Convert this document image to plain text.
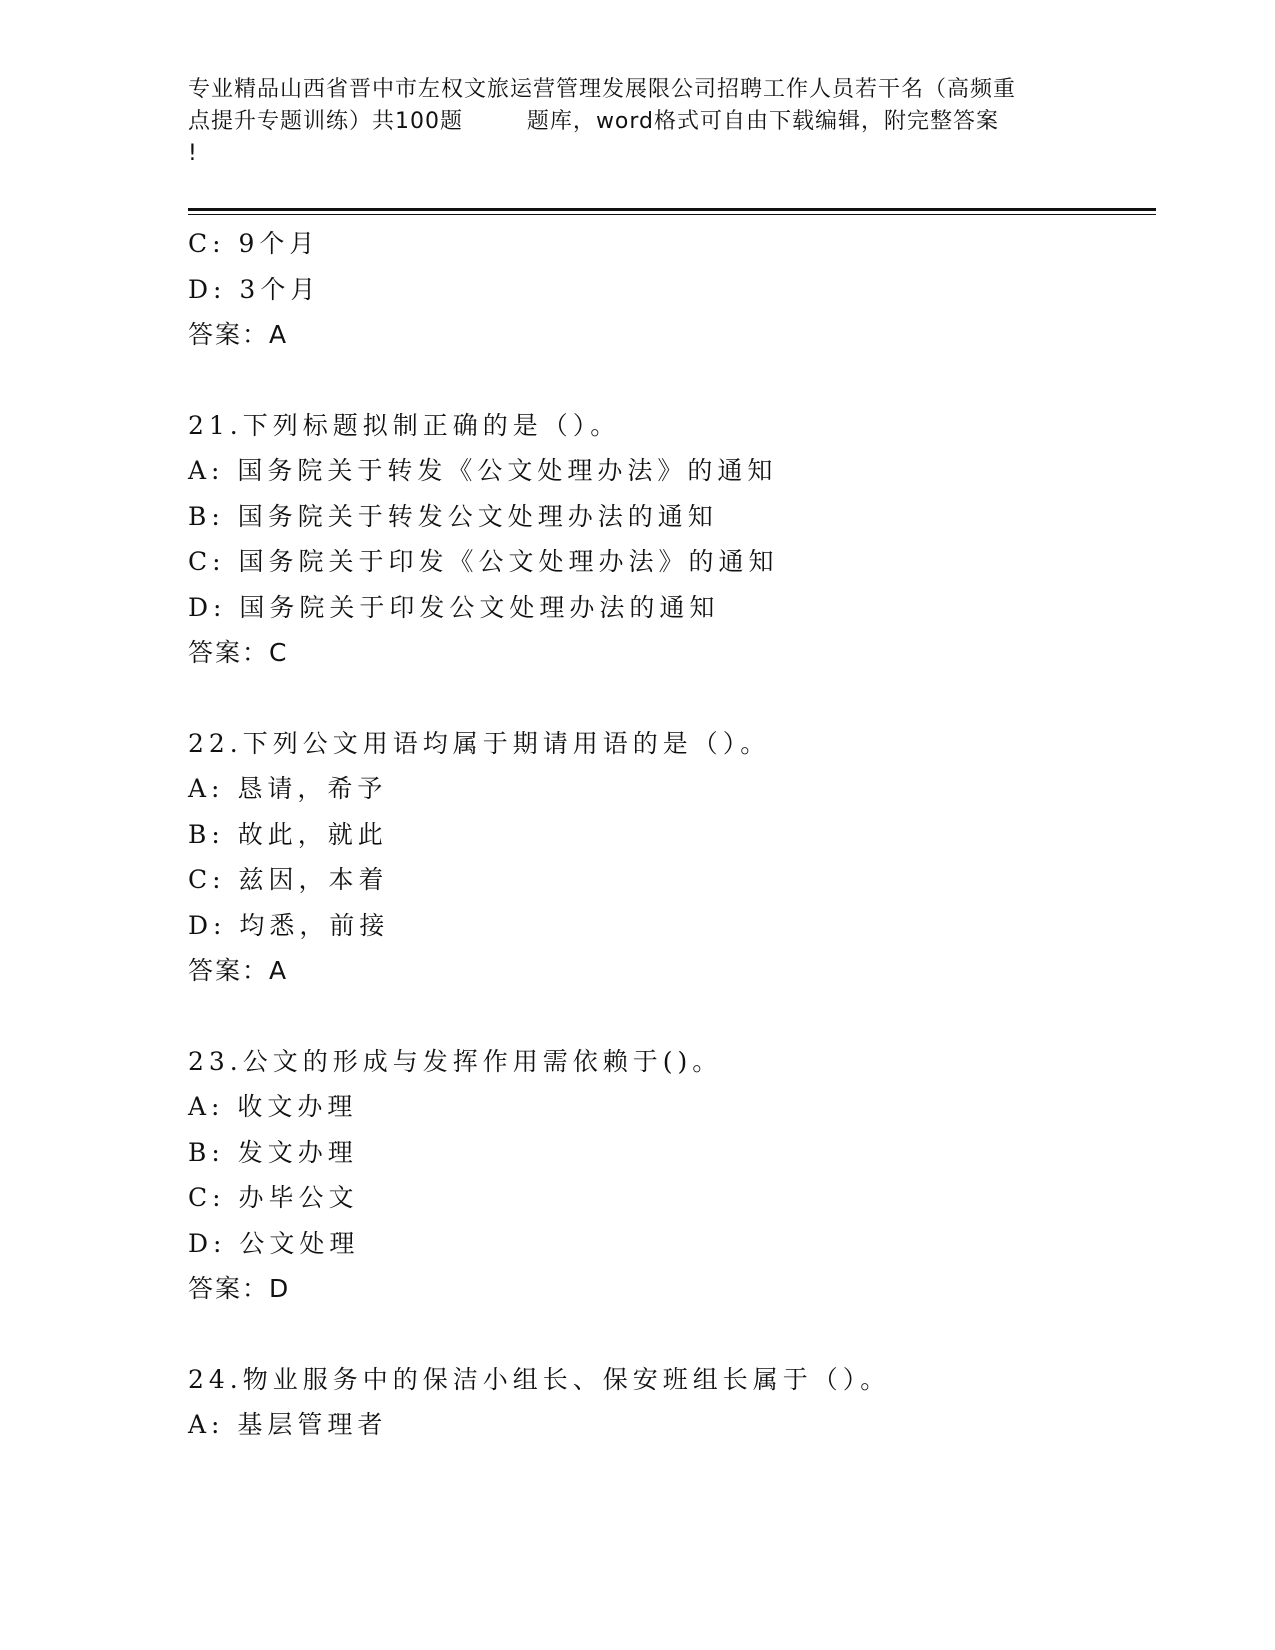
专业精品山西省晋中市左权文旅运营管理发展限公司招聘工作人员若干名（高频重
点提升专题训练）共100题        题库，word格式可自由下载编辑，附完整答案
!
C: 9个月
D: 3个月
答案：A
21.下列标题拟制正确的是（）。
A: 国务院关于转发《公文处理办法》的通知
B: 国务院关于转发公文处理办法的通知
C: 国务院关于印发《公文处理办法》的通知
D: 国务院关于印发公文处理办法的通知
答案：C
22.下列公文用语均属于期请用语的是（）。
A: 恳请，希予
B: 故此，就此
C: 兹因，本着
D: 均悉，前接
答案：A
23.公文的形成与发挥作用需依赖于()。
A: 收文办理
B: 发文办理
C: 办毕公文
D: 公文处理
答案：D
24.物业服务中的保洁小组长、保安班组长属于（）。
A: 基层管理者
